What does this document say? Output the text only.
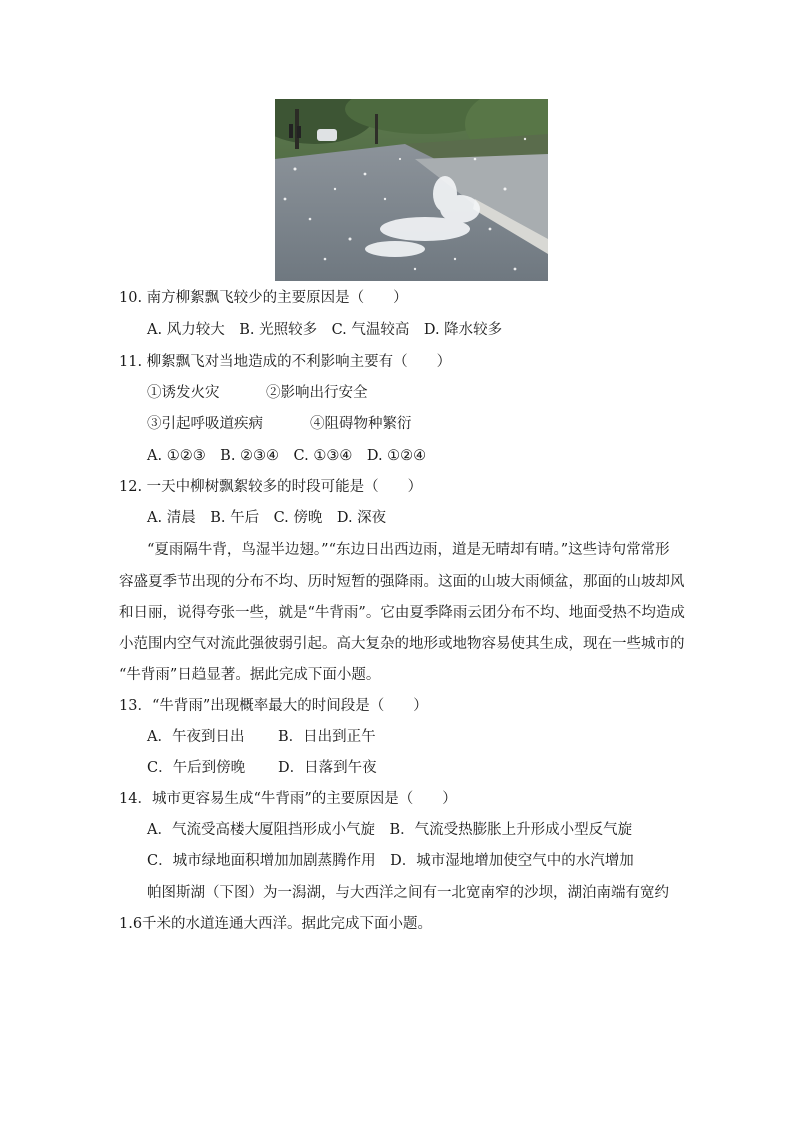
10. 南方柳絮飘飞较少的主要原因是（　　）
A. 风力较大　B. 光照较多　C. 气温较高　D. 降水较多
11. 柳絮飘飞对当地造成的不利影响主要有（　　）
①诱发火灾	②影响出行安全
③引起呼吸道疾病	④阻碍物种繁衍
A. ①②③　B. ②③④　C. ①③④　D. ①②④
12. 一天中柳树飘絮较多的时段可能是（　　）
A. 清晨　B. 午后　C. 傍晚　D. 深夜
“夏雨隔牛背，鸟湿半边翅。”“东边日出西边雨，道是无晴却有晴。”这些诗句常常形
容盛夏季节出现的分布不均、历时短暂的强降雨。这面的山坡大雨倾盆，那面的山坡却风
和日丽，说得夸张一些，就是“牛背雨”。它由夏季降雨云团分布不均、地面受热不均造成
小范围内空气对流此强彼弱引起。高大复杂的地形或地物容易使其生成，现在一些城市的
“牛背雨”日趋显著。据此完成下面小题。
13．“牛背雨”出现概率最大的时间段是（　　）
A．午夜到日出 B．日出到正午
C．午后到傍晚 D．日落到午夜
14．城市更容易生成“牛背雨”的主要原因是（　　）
A．气流受高楼大厦阻挡形成小气旋　B．气流受热膨胀上升形成小型反气旋
C．城市绿地面积增加加剧蒸腾作用　D．城市湿地增加使空气中的水汽增加
帕图斯湖（下图）为一潟湖，与大西洋之间有一北宽南窄的沙坝，湖泊南端有宽约
1.6千米的水道连通大西洋。据此完成下面小题。
